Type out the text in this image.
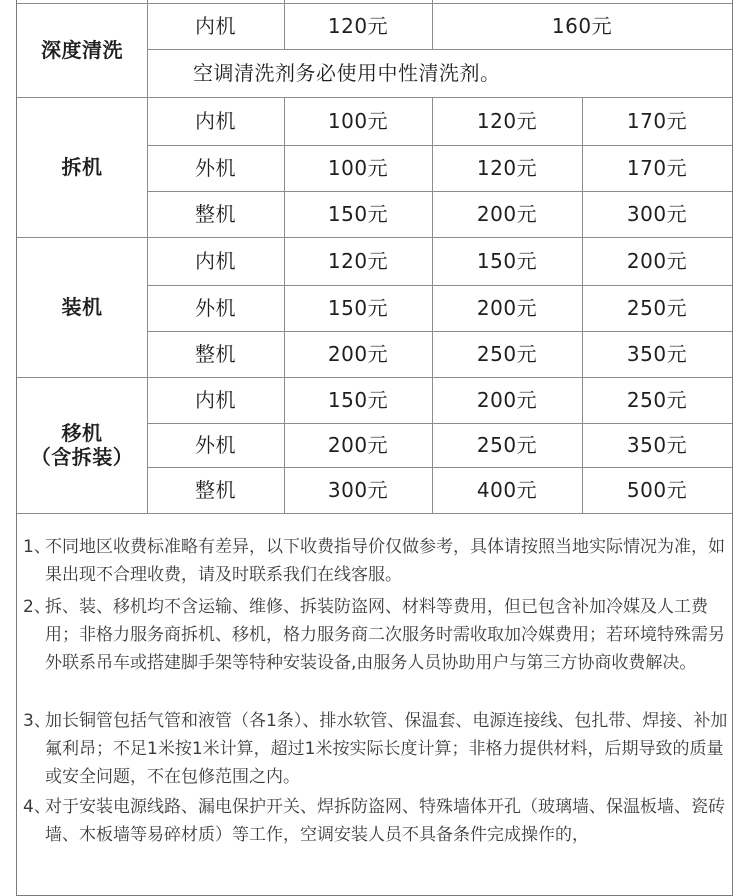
深度清洗
内机	120元	160元
空调清洗剂务必使用中性清洗剂。
拆机
内机	100元	120元	170元
外机	100元	120元	170元
整机	150元	200元	300元
装机
内机	120元	150元	200元
外机	150元	200元	250元
整机	200元	250元	350元
移机
（含拆装）
内机	150元	200元	250元
外机	200元	250元	350元
整机	300元	400元	500元
1、
不同地区收费标准略有差异，以下收费指导价仅做参考，具体请按照当地实际情况为准，如果出现不合理收费，请及时联系我们在线客服。
2、
拆、装、移机均不含运输、维修、拆装防盗网、材料等费用，但已包含补加冷媒及人工费用；非格力服务商拆机、移机，格力服务商二次服务时需收取加冷媒费用；若环境特殊需另外联系吊车或搭建脚手架等特种安装设备,由服务人员协助用户与第三方协商收费解决。
3、
加长铜管包括气管和液管（各1条）、排水软管、保温套、电源连接线、包扎带、焊接、补加氟利昂；不足1米按1米计算，超过1米按实际长度计算；非格力提供材料，后期导致的质量或安全问题，不在包修范围之内。
4、
对于安装电源线路、漏电保护开关、焊拆防盗网、特殊墙体开孔（玻璃墙、保温板墙、瓷砖墙、木板墙等易碎材质）等工作，空调安装人员不具备条件完成操作的，
